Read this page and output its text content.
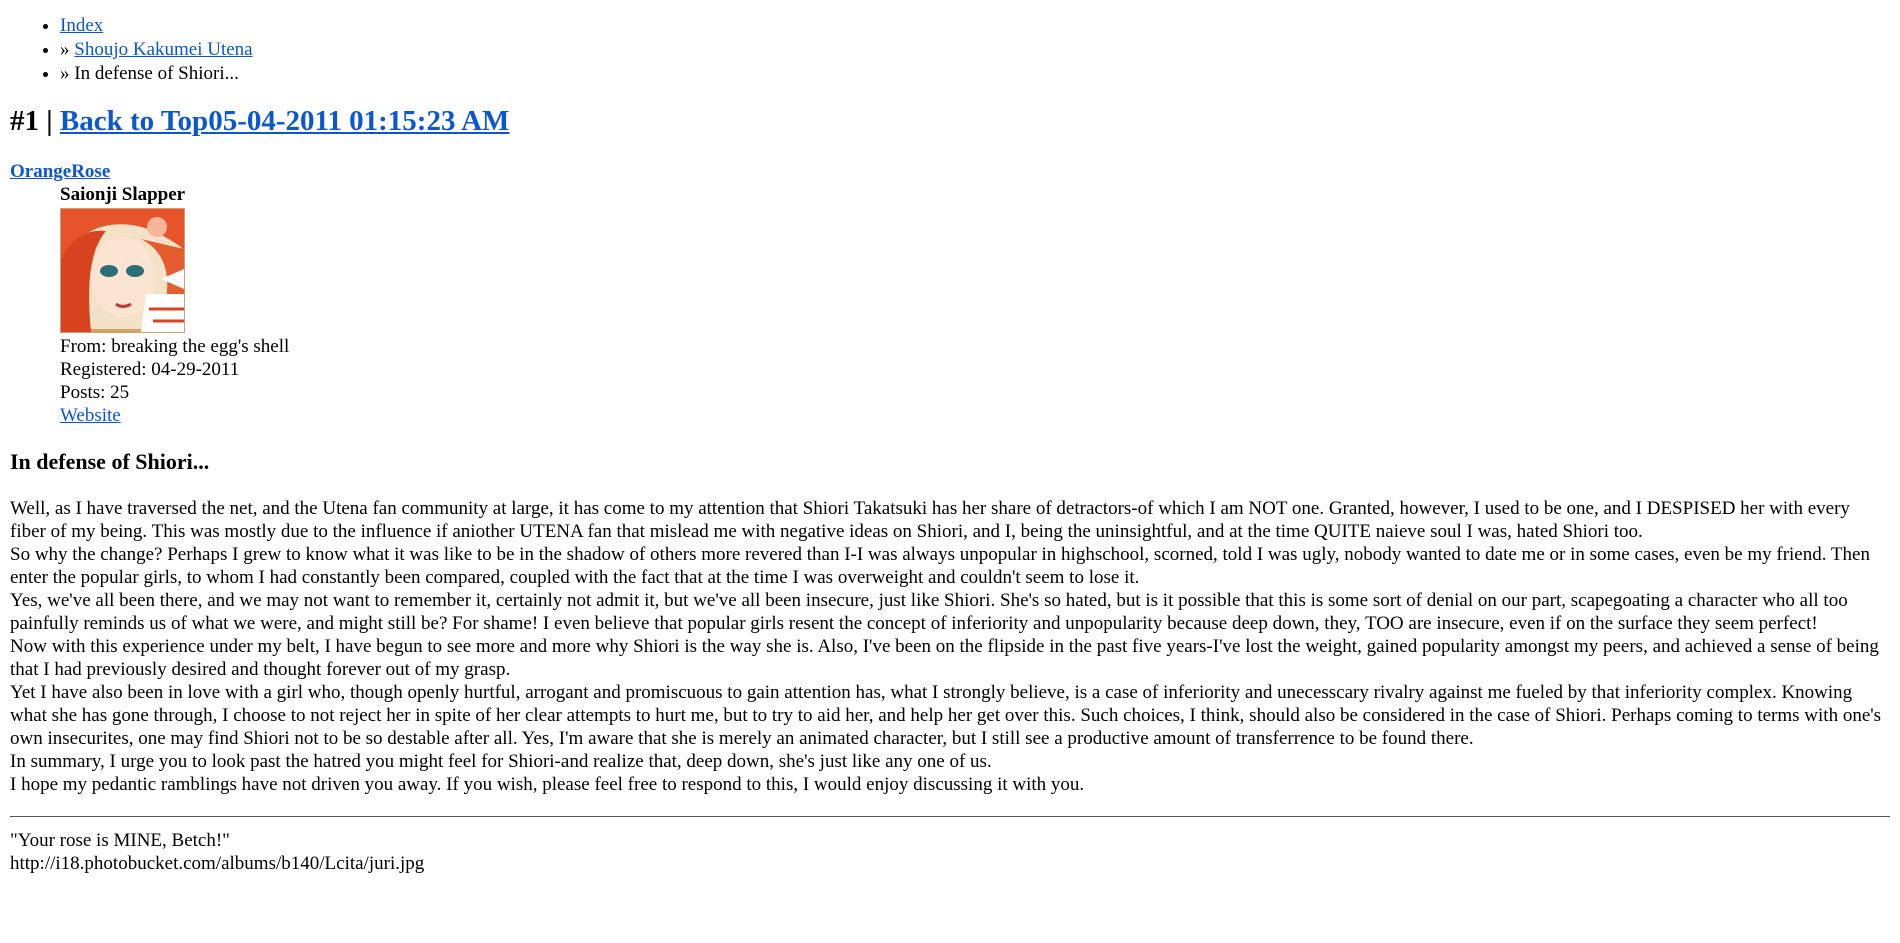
• Index
• » Shoujo Kakumei Utena
• » In defense of Shiori...
#1 | Back to Top05-04-2011 01:15:23 AM
OrangeRose
Saionji Slapper
From: breaking the egg's shell
Registered: 04-29-2011
Posts: 25
Website
In defense of Shiori...

Well, as I have traversed the net, and the Utena fan community at large, it has come to my attention that Shiori Takatsuki has her share of detractors-of which I am NOT one. Granted, however, I used to be one, and I DESPISED her with every fiber of my being. This was mostly due to the influence if aniother UTENA fan that mislead me with negative ideas on Shiori, and I, being the uninsightful, and at the time QUITE naieve soul I was, hated Shiori too.

So why the change? Perhaps I grew to know what it was like to be in the shadow of others more revered than I-I was always unpopular in highschool, scorned, told I was ugly, nobody wanted to date me or in some cases, even be my friend. Then enter the popular girls, to whom I had constantly been compared, coupled with the fact that at the time I was overweight and couldn't seem to lose it.

Yes, we've all been there, and we may not want to remember it, certainly not admit it, but we've all been insecure, just like Shiori. She's so hated, but is it possible that this is some sort of denial on our part, scapegoating a character who all too painfully reminds us of what we were, and might still be? For shame! I even believe that popular girls resent the concept of inferiority and unpopularity because deep down, they, TOO are insecure, even if on the surface they seem perfect!

Now with this experience under my belt, I have begun to see more and more why Shiori is the way she is. Also, I've been on the flipside in the past five years-I've lost the weight, gained popularity amongst my peers, and achieved a sense of being that I had previously desired and thought forever out of my grasp.

Yet I have also been in love with a girl who, though openly hurtful, arrogant and promiscuous to gain attention has, what I strongly believe, is a case of inferiority and unecesscary rivalry against me fueled by that inferiority complex. Knowing what she has gone through, I choose to not reject her in spite of her clear attempts to hurt me, but to try to aid her, and help her get over this. Such choices, I think, should also be considered in the case of Shiori. Perhaps coming to terms with one's own insecurites, one may find Shiori not to be so destable after all. Yes, I'm aware that she is merely an animated character, but I still see a productive amount of transferrence to be found there.

In summary, I urge you to look past the hatred you might feel for Shiori-and realize that, deep down, she's just like any one of us.

I hope my pedantic ramblings have not driven you away. If you wish, please feel free to respond to this, I would enjoy discussing it with you.

"Your rose is MINE, Betch!"
http://i18.photobucket.com/albums/b140/Lcita/juri.jpg
